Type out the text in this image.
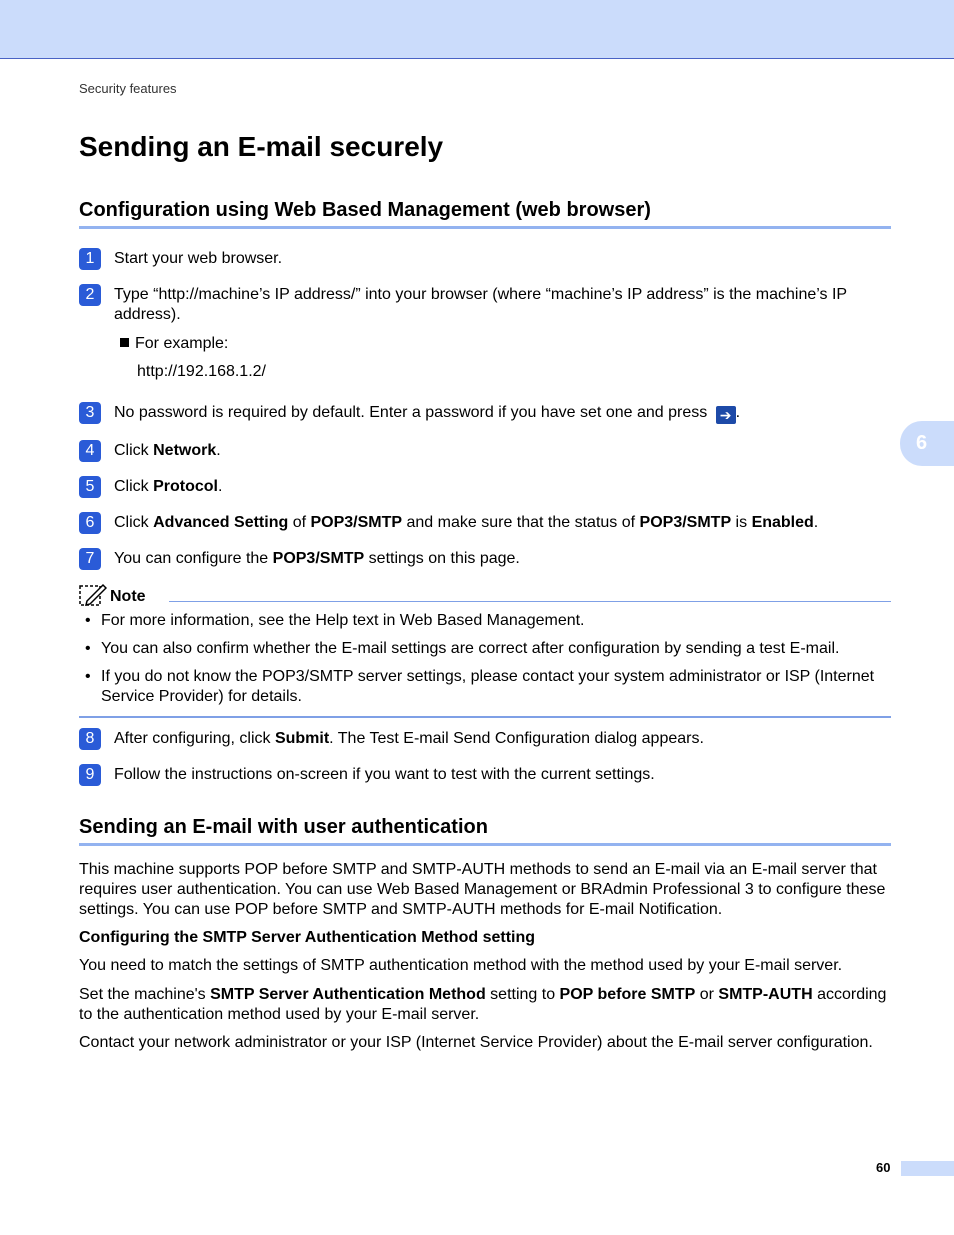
Security features
Sending an E-mail securely
Configuration using Web Based Management (web browser)
6
1	Start your web browser.
2	Type “http://machine’s IP address/” into your browser (where “machine’s IP address” is the machine’s IP address).
For example:
http://192.168.1.2/
3	No password is required by default. Enter a password if you have set one and press ➔ .
4	Click Network.
5	Click Protocol.
6	Click Advanced Setting of POP3/SMTP and make sure that the status of POP3/SMTP is Enabled.
7	You can configure the POP3/SMTP settings on this page.
Note
• For more information, see the Help text in Web Based Management.
• You can also confirm whether the E-mail settings are correct after configuration by sending a test E-mail.
• If you do not know the POP3/SMTP server settings, please contact your system administrator or ISP (Internet Service Provider) for details.
8	After configuring, click Submit. The Test E-mail Send Configuration dialog appears.
9	Follow the instructions on-screen if you want to test with the current settings.
Sending an E-mail with user authentication

This machine supports POP before SMTP and SMTP-AUTH methods to send an E-mail via an E-mail server that requires user authentication. You can use Web Based Management or BRAdmin Professional 3 to configure these settings. You can use POP before SMTP and SMTP-AUTH methods for E-mail Notification.

Configuring the SMTP Server Authentication Method setting

You need to match the settings of SMTP authentication method with the method used by your E-mail server.

Set the machine's SMTP Server Authentication Method setting to POP before SMTP or SMTP-AUTH according to the authentication method used by your E-mail server.

Contact your network administrator or your ISP (Internet Service Provider) about the E-mail server configuration.

60
